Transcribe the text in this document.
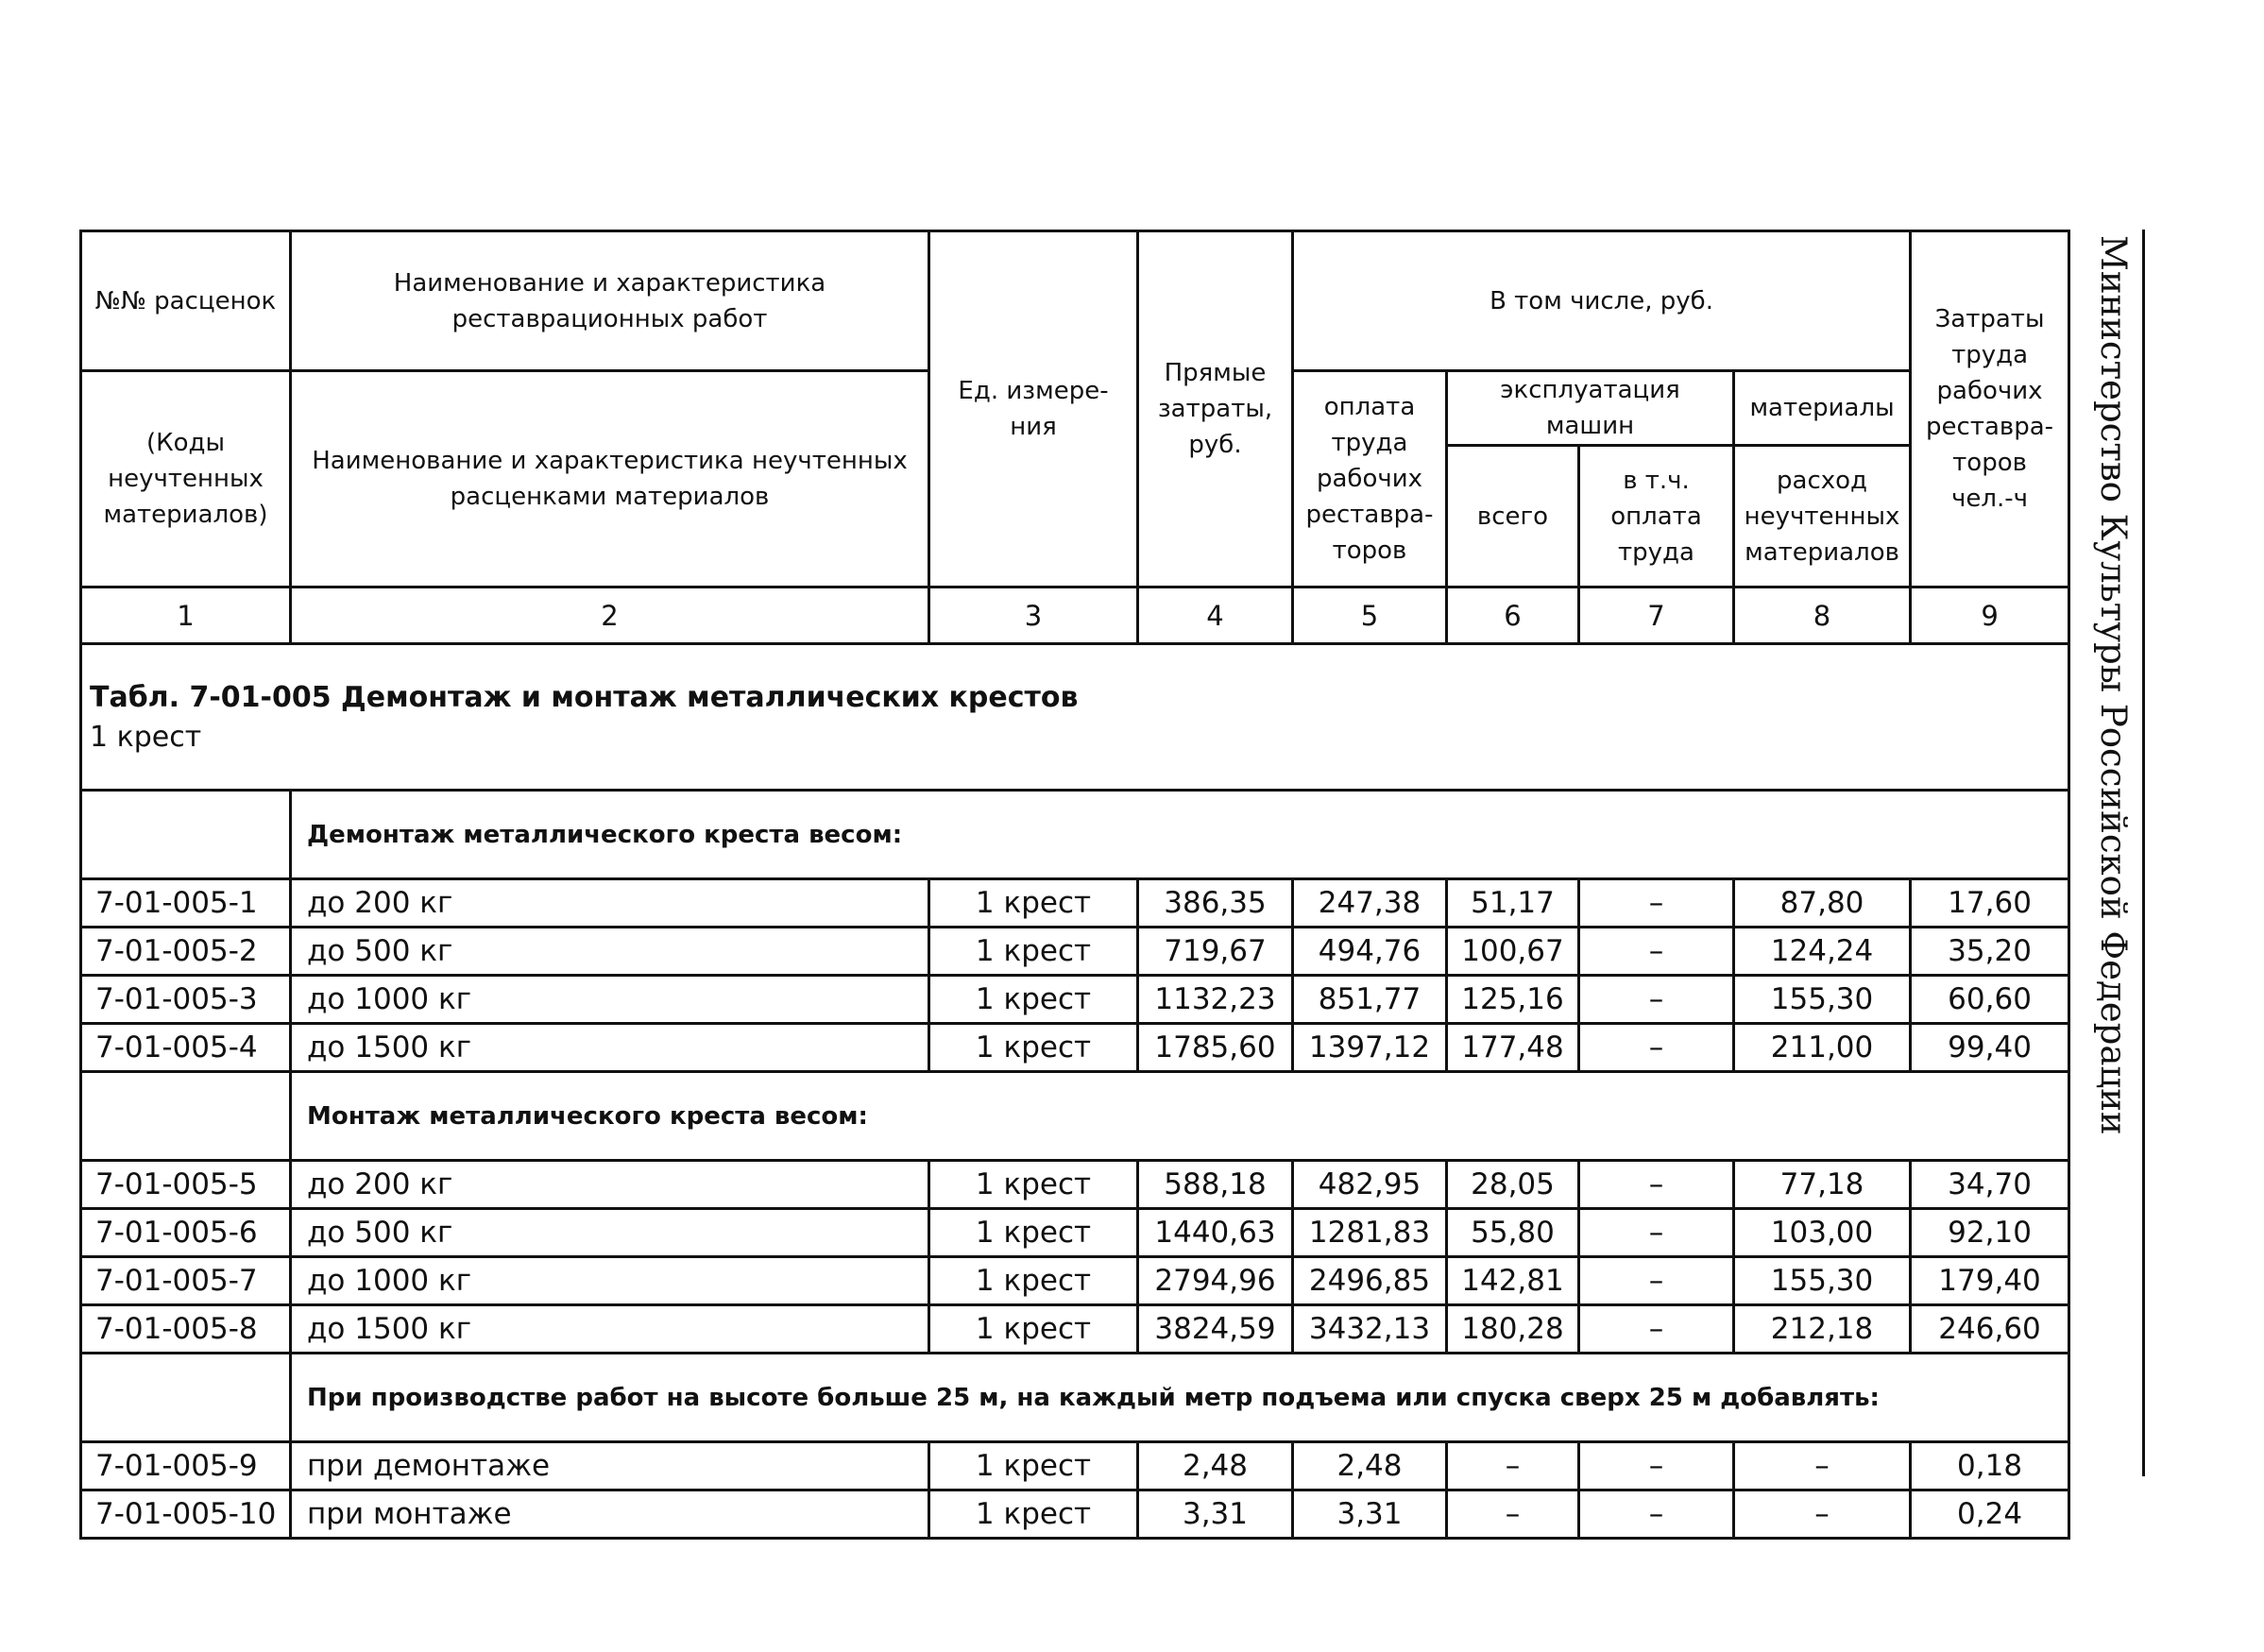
№№ расценок	Наименование и характеристика реставрационных работ	Ед. измере-ния	Прямые затраты, руб.	В том числе, руб.				Затраты труда рабочих реставра-торов чел.-ч
(Коды неучтенных материалов)	Наименование и характеристика неучтенных расценками материалов			оплата труда рабочих реставра-торов	эксплуатация машин		материалы	
					всего	в т.ч. оплата труда	расход неучтенных материалов	
1	2	3	4	5	6	7	8	9

Табл. 7-01-005 Демонтаж и монтаж металлических крестов
1 крест								

	Демонтаж металлического креста весом:							
7-01-005-1	до 200 кг	1 крест	386,35	247,38	51,17	–	87,80	17,60
7-01-005-2	до 500 кг	1 крест	719,67	494,76	100,67	–	124,24	35,20
7-01-005-3	до 1000 кг	1 крест	1132,23	851,77	125,16	–	155,30	60,60
7-01-005-4	до 1500 кг	1 крест	1785,60	1397,12	177,48	–	211,00	99,40
	Монтаж металлического креста весом:							
7-01-005-5	до 200 кг	1 крест	588,18	482,95	28,05	–	77,18	34,70
7-01-005-6	до 500 кг	1 крест	1440,63	1281,83	55,80	–	103,00	92,10
7-01-005-7	до 1000 кг	1 крест	2794,96	2496,85	142,81	–	155,30	179,40
7-01-005-8	до 1500 кг	1 крест	3824,59	3432,13	180,28	–	212,18	246,60
	При производстве работ на высоте больше 25 м, на каждый метр подъема или спуска сверх 25 м добавлять:							
7-01-005-9	при демонтаже	1 крест	2,48	2,48	–	–	–	0,18
7-01-005-10	при монтаже	1 крест	3,31	3,31	–	–	–	0,24
Министерство Культуры Российской Федерации
